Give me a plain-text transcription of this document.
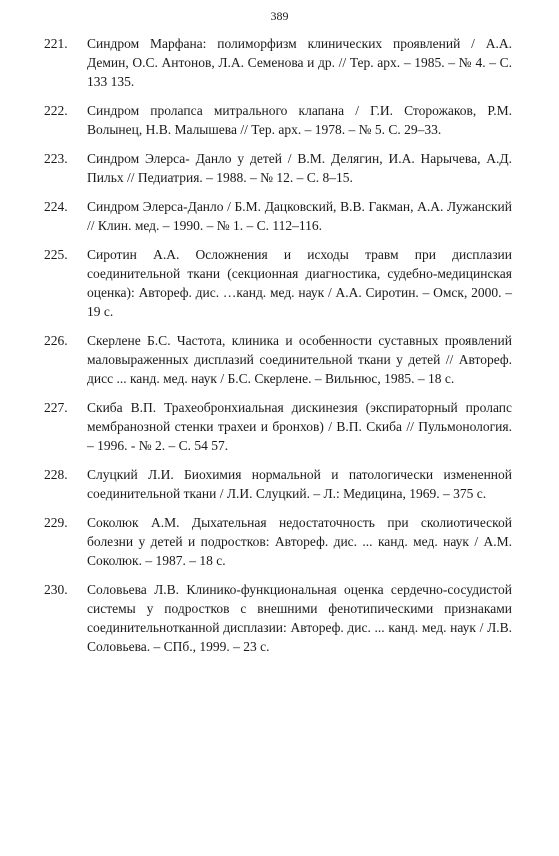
389
221. Синдром Марфана: полиморфизм клинических проявлений / А.А. Демин, О.С. Антонов, Л.А. Семенова и др. // Тер. арх. – 1985. – № 4. – С. 133 135.
222. Синдром пролапса митрального клапана / Г.И. Сторожаков, Р.М. Волынец, Н.В. Малышева // Тер. арх. – 1978. – № 5. С. 29–33.
223. Синдром Элерса- Данло у детей / В.М. Делягин, И.А. Нарычева, А.Д. Пильх // Педиатрия. – 1988. – № 12. – С. 8–15.
224. Синдром Элерса-Данло / Б.М. Дацковский, В.В. Гакман, А.А. Лужанский // Клин. мед. – 1990. – № 1. – С. 112–116.
225. Сиротин А.А. Осложнения и исходы травм при дисплазии соединительной ткани (секционная диагностика, судебно-медицинская оценка): Автореф. дис. …канд. мед. наук / А.А. Сиротин. – Омск, 2000. – 19 с.
226. Скерлене Б.С. Частота, клиника и особенности суставных проявлений маловыраженных дисплазий соединительной ткани у детей // Автореф. дисс ... канд. мед. наук / Б.С. Скерлене. – Вильнюс, 1985. – 18 с.
227. Скиба В.П. Трахеобронхиальная дискинезия (экспираторный пролапс мембранозной стенки трахеи и бронхов) / В.П. Скиба // Пульмонология. – 1996. - № 2. – С. 54 57.
228. Слуцкий Л.И. Биохимия нормальной и патологически измененной соединительной ткани / Л.И. Слуцкий. – Л.: Медицина, 1969. – 375 с.
229. Соколюк А.М. Дыхательная недостаточность при сколиотической болезни у детей и подростков: Автореф. дис. ... канд. мед. наук / А.М. Соколюк. – 1987. – 18 с.
230. Соловьева Л.В. Клинико-функциональная оценка сердечно-сосудистой системы у подростков с внешними фенотипическими признаками соединительнотканной дисплазии: Автореф. дис. ... канд. мед. наук / Л.В. Соловьева. – СПб., 1999. – 23 с.
